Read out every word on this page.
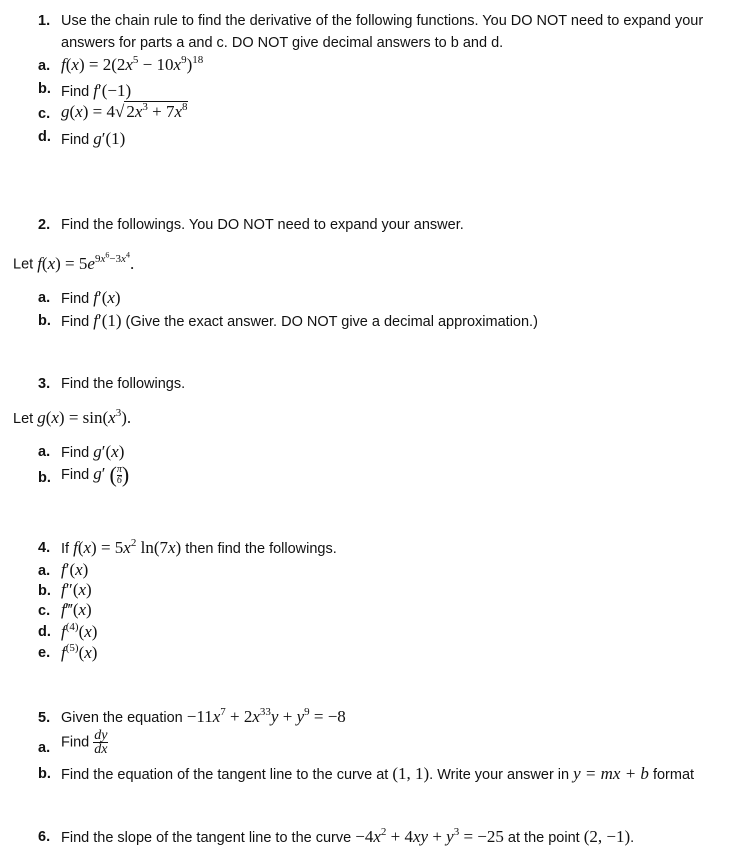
1. Use the chain rule to find the derivative of the following functions. You DO NOT need to expand your
answers for parts a and c. DO NOT give decimal answers to b and d.
a. $f(x) = 2(2x^5 - 10x^9)^{18}$
b. Find f′(−1)
c. g(x) = 4√ $2x^3 + 7x^8$
d. Find g′(1)
2. Find the followings. You DO NOT need to expand your answer.
Let $f(x) = 5e^{9x^6-3x^4}$.
a. Find f′(x)
b. Find f′(1) (Give the exact answer. DO NOT give a decimal approximation.)
3. Find the followings.
Let $g(x) = \sin(x^3)$.
a. Find g′(x)
b. Find g′ ( $\frac{\pi}{6}$ )
4. If $f(x) = 5x^2$ ln(7x) then find the followings.
a. f′(x)
b. f″(x)
c. f‴(x)
d. $f^{(4)}(x)$
e. $f^{(5)}(x)$
5. Given the equation $-11x^7 + 2x^{33}y + y^9 = -8$
a. Find $\frac{dy}{dx}$
b. Find the equation of the tangent line to the curve at (1, 1). Write your answer in y = mx + b format
6. Find the slope of the tangent line to the curve $-4x^2 + 4xy + y^3 = -25$ at the point (2, −1).
